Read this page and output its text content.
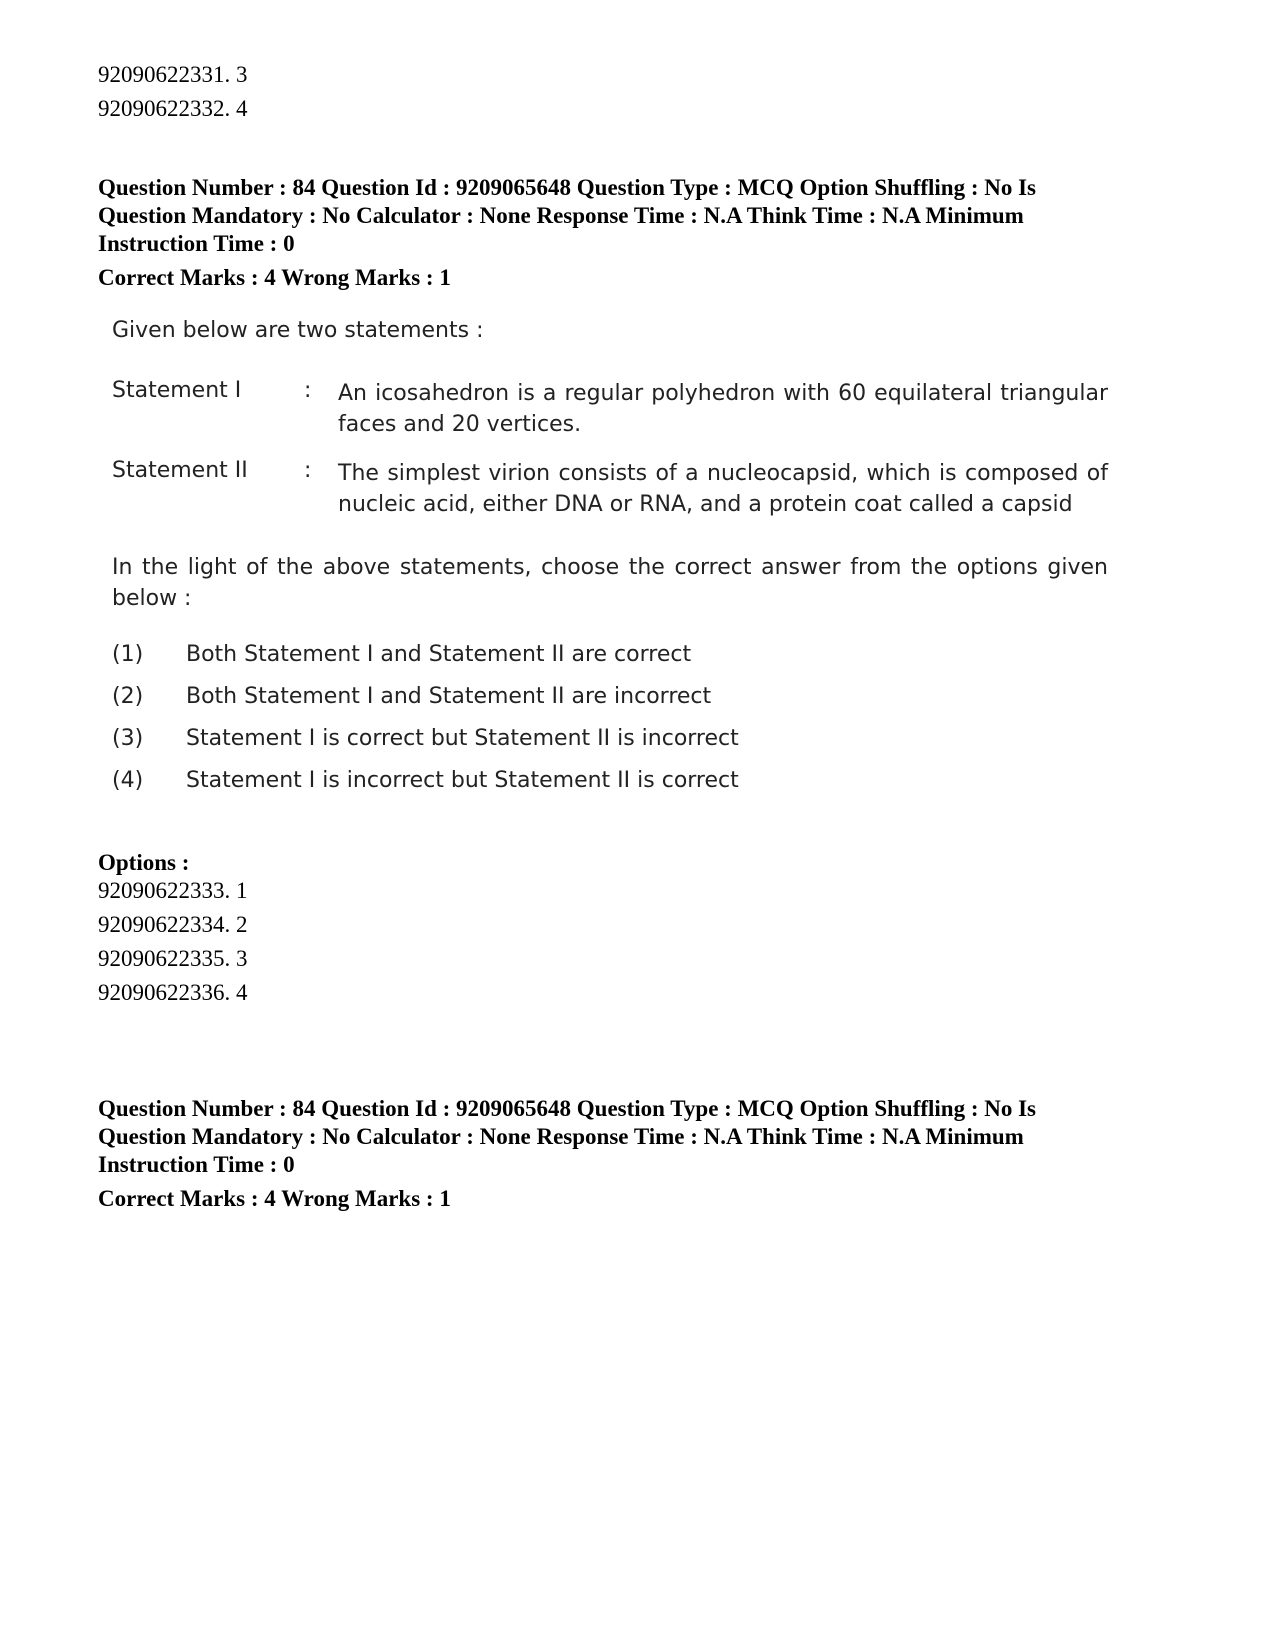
92090622331. 3
92090622332. 4

Question Number : 84 Question Id : 9209065648 Question Type : MCQ Option Shuffling : No Is Question Mandatory : No Calculator : None Response Time : N.A Think Time : N.A Minimum Instruction Time : 0

Correct Marks : 4 Wrong Marks : 1

Given below are two statements :
Statement I	: An icosahedron is a regular polyhedron with 60 equilateral triangular faces and 20 vertices.
Statement II	: The simplest virion consists of a nucleocapsid, which is composed of nucleic acid, either DNA or RNA, and a protein coat called a capsid
In the light of the above statements, choose the correct answer from the options given below :
(1) Both Statement I and Statement II are correct
(2) Both Statement I and Statement II are incorrect
(3) Statement I is correct but Statement II is incorrect
(4) Statement I is incorrect but Statement II is correct
Options :
92090622333. 1
92090622334. 2
92090622335. 3
92090622336. 4

Question Number : 84 Question Id : 9209065648 Question Type : MCQ Option Shuffling : No Is Question Mandatory : No Calculator : None Response Time : N.A Think Time : N.A Minimum Instruction Time : 0

Correct Marks : 4 Wrong Marks : 1
